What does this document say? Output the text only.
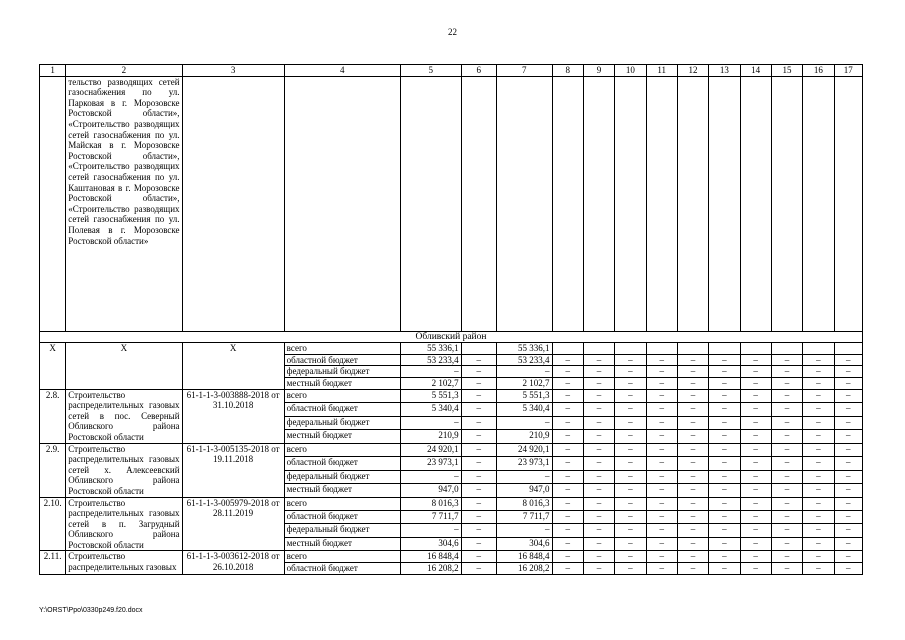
22
1	2	3	4	5	6	7	8	9	10	11	12	13	14	15	16	17
	тельство разводящих сетей газоснабжения по ул. Парковая в г. Морозовске Ростовской области», «Строительство разводящих сетей газоснабжения по ул. Майская в г. Морозовске Ростовской области», «Строительство разводящих сетей газоснабжения по ул. Каштановая в г. Морозовске Ростовской области», «Строительство разводящих сетей газоснабжения по ул. Полевая в г. Морозовске Ростовской области»															
Обливский район																
Х	Х	Х	всего	55 336,1		55 336,1										
			областной бюджет	53 233,4	–	53 233,4	–	–	–	–	–	–	–	–	–	–
			федеральный бюджет	–	–	–	–	–	–	–	–	–	–	–	–	–
			местный бюджет	2 102,7	–	2 102,7	–	–	–	–	–	–	–	–	–	–
2.8.	Строительство распределительных газовых сетей в пос. Северный Обливского района Ростовской области	61-1-1-3-003888-2018 от 31.10.2018	всего	5 551,3	–	5 551,3	–	–	–	–	–	–	–	–	–	–
			областной бюджет	5 340,4	–	5 340,4	–	–	–	–	–	–	–	–	–	–
			федеральный бюджет	–	–	–	–	–	–	–	–	–	–	–	–	–
			местный бюджет	210,9	–	210,9	–	–	–	–	–	–	–	–	–	–
2.9.	Строительство распределительных газовых сетей х. Алексеевский Обливского района Ростовской области	61-1-1-3-005135-2018 от 19.11.2018	всего	24 920,1	–	24 920,1	–	–	–	–	–	–	–	–	–	–
			областной бюджет	23 973,1	–	23 973,1	–	–	–	–	–	–	–	–	–	–
			федеральный бюджет	–	–	–	–	–	–	–	–	–	–	–	–	–
			местный бюджет	947,0	–	947,0	–	–	–	–	–	–	–	–	–	–
2.10.	Строительство распределительных газовых сетей в п. Загрудный Обливского района Ростовской области	61-1-1-3-005979-2018 от 28.11.2019	всего	8 016,3	–	8 016,3	–	–	–	–	–	–	–	–	–	–
			областной бюджет	7 711,7	–	7 711,7	–	–	–	–	–	–	–	–	–	–
			федеральный бюджет	–	–	–	–	–	–	–	–	–	–	–	–	–
			местный бюджет	304,6	–	304,6	–	–	–	–	–	–	–	–	–	–
2.11.	Строительство распределительных газовых	61-1-1-3-003612-2018 от 26.10.2018	всего	16 848,4	–	16 848,4	–	–	–	–	–	–	–	–	–	–
			областной бюджет	16 208,2	–	16 208,2	–	–	–	–	–	–	–	–	–	–
Y:\ORST\Ppo\0330p249.f20.docx
